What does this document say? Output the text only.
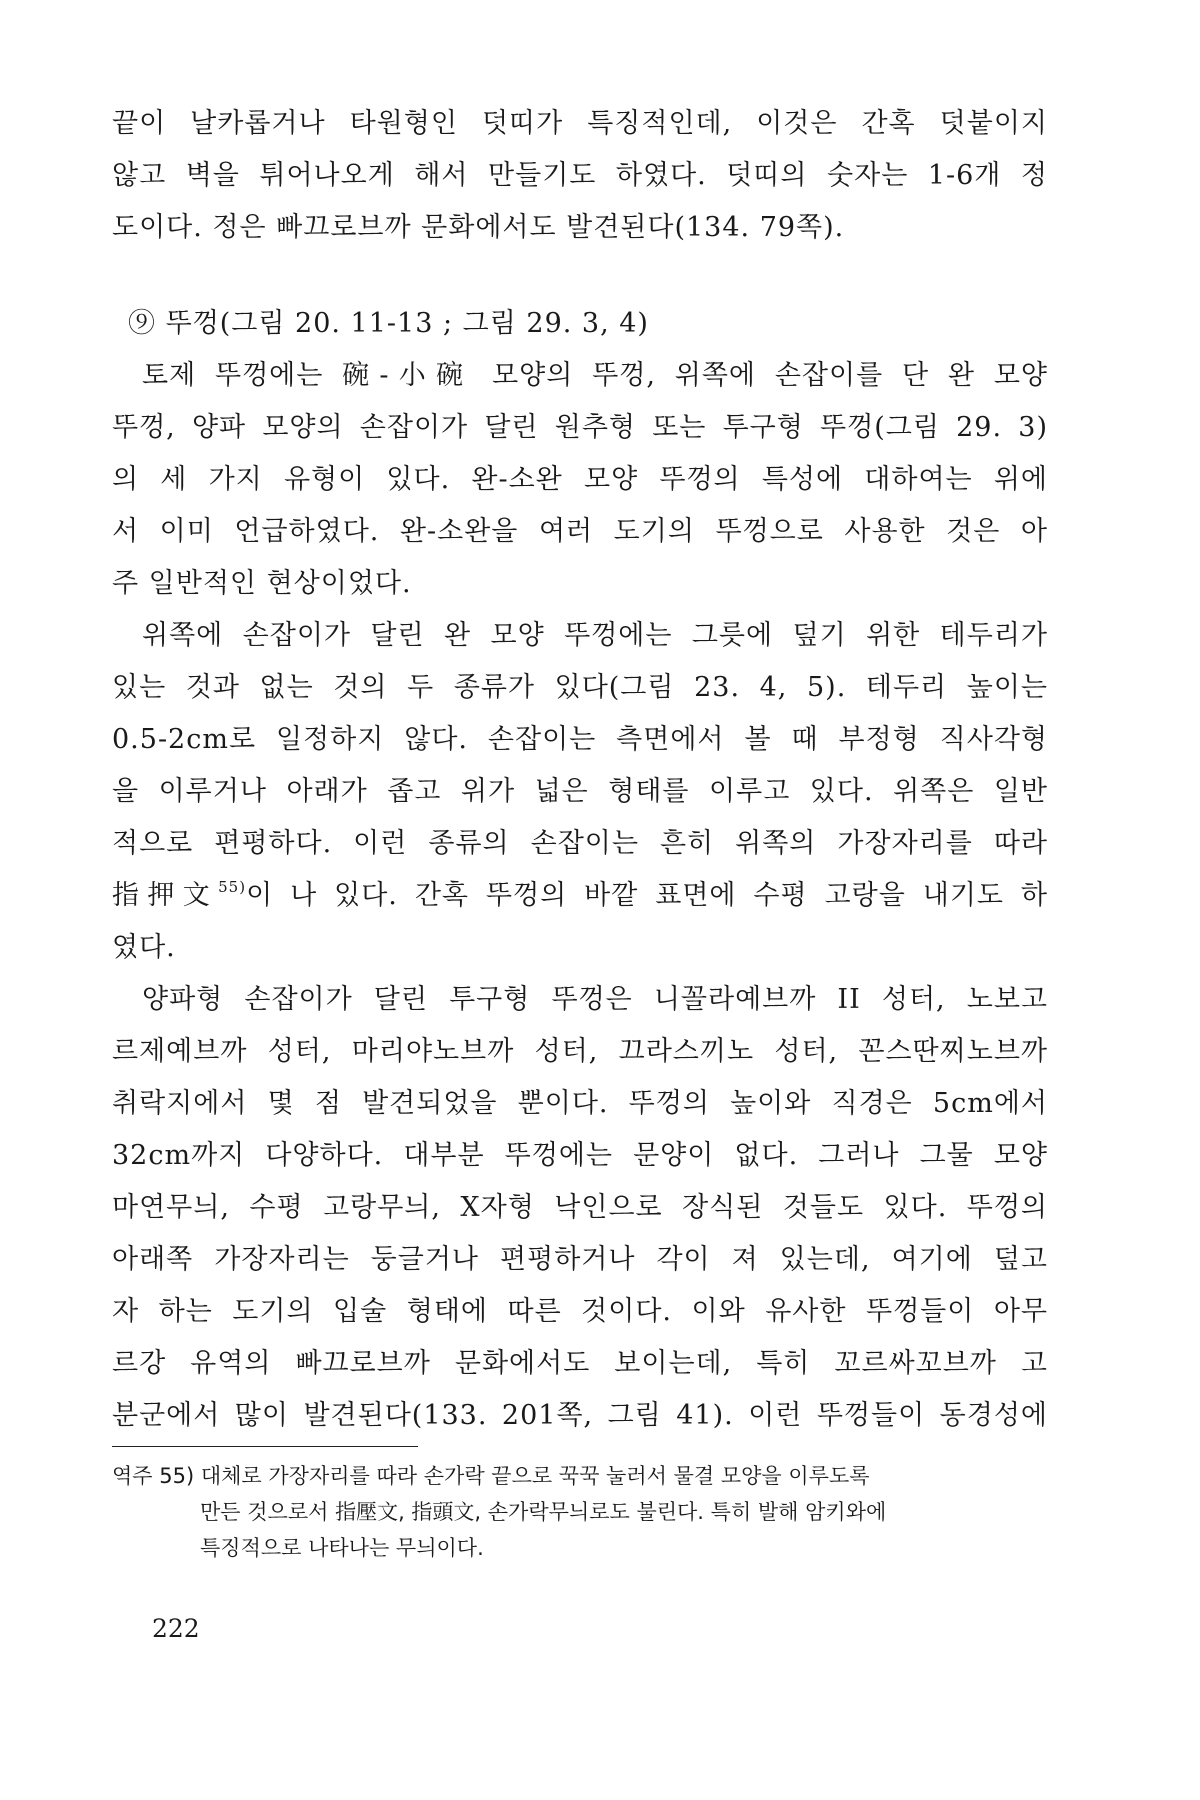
끝이 날카롭거나 타원형인 덧띠가 특징적인데, 이것은 간혹 덧붙이지
않고 벽을 튀어나오게 해서 만들기도 하였다. 덧띠의 숫자는 1-6개 정
도이다. 정은 빠끄로브까 문화에서도 발견된다(134. 79쪽).
⑨ 뚜껑(그림 20. 11-13 ; 그림 29. 3, 4)
토제 뚜껑에는 碗-小碗 모양의 뚜껑, 위쪽에 손잡이를 단 완 모양
뚜껑, 양파 모양의 손잡이가 달린 원추형 또는 투구형 뚜껑(그림 29. 3)
의 세 가지 유형이 있다. 완-소완 모양 뚜껑의 특성에 대하여는 위에
서 이미 언급하였다. 완-소완을 여러 도기의 뚜껑으로 사용한 것은 아
주 일반적인 현상이었다.
위쪽에 손잡이가 달린 완 모양 뚜껑에는 그릇에 덮기 위한 테두리가
있는 것과 없는 것의 두 종류가 있다(그림 23. 4, 5). 테두리 높이는
0.5-2cm로 일정하지 않다. 손잡이는 측면에서 볼 때 부정형 직사각형
을 이루거나 아래가 좁고 위가 넓은 형태를 이루고 있다. 위쪽은 일반
적으로 편평하다. 이런 종류의 손잡이는 흔히 위쪽의 가장자리를 따라
指押文$^{55)}$이 나 있다. 간혹 뚜껑의 바깥 표면에 수평 고랑을 내기도 하
였다.
양파형 손잡이가 달린 투구형 뚜껑은 니꼴라예브까 II 성터, 노보고
르제예브까 성터, 마리야노브까 성터, 끄라스끼노 성터, 꼰스딴찌노브까
취락지에서 몇 점 발견되었을 뿐이다. 뚜껑의 높이와 직경은 5cm에서
32cm까지 다양하다. 대부분 뚜껑에는 문양이 없다. 그러나 그물 모양
마연무늬, 수평 고랑무늬, X자형 낙인으로 장식된 것들도 있다. 뚜껑의
아래쪽 가장자리는 둥글거나 편평하거나 각이 져 있는데, 여기에 덮고
자 하는 도기의 입술 형태에 따른 것이다. 이와 유사한 뚜껑들이 아무
르강 유역의 빠끄로브까 문화에서도 보이는데, 특히 꼬르싸꼬브까 고
분군에서 많이 발견된다(133. 201쪽, 그림 41). 이런 뚜껑들이 동경성에
역주 55) 대체로 가장자리를 따라 손가락 끝으로 꾹꾹 눌러서 물결 모양을 이루도록
만든 것으로서 指壓文, 指頭文, 손가락무늬로도 불린다. 특히 발해 암키와에
특징적으로 나타나는 무늬이다.
222
